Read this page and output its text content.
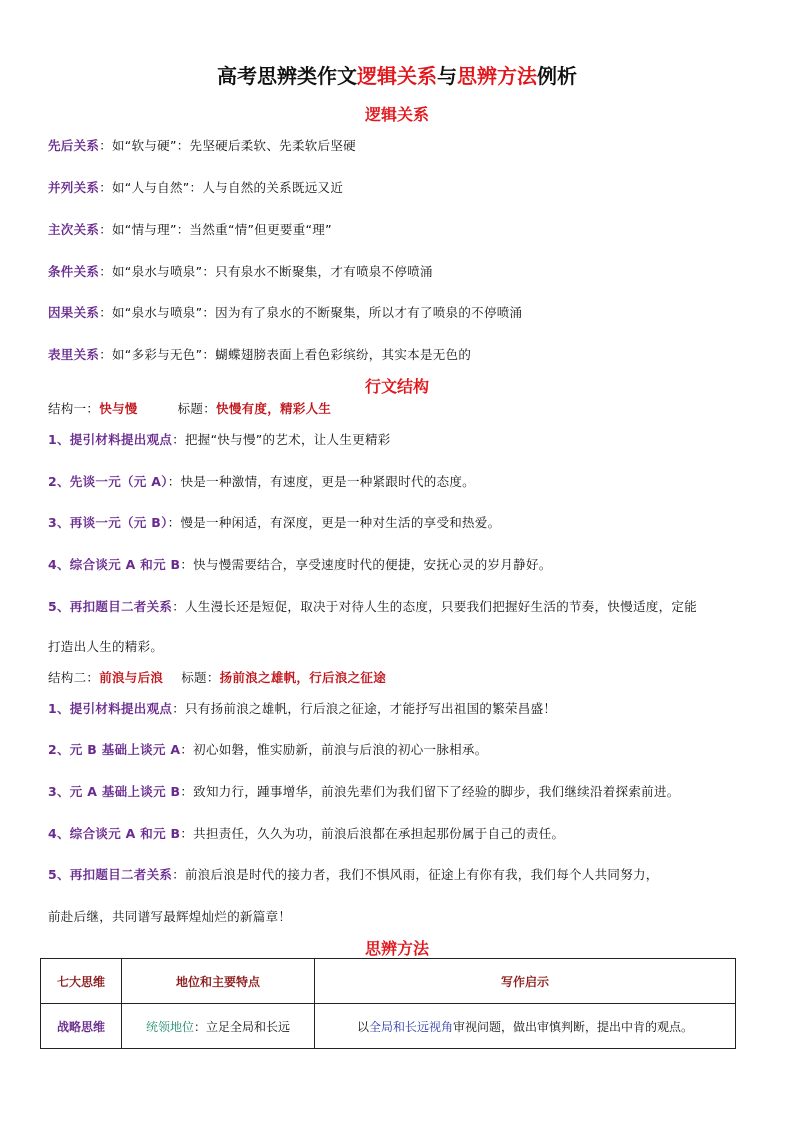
高考思辨类作文逻辑关系与思辨方法例析
逻辑关系
先后关系：如“软与硬”：先坚硬后柔软、先柔软后坚硬
并列关系：如“人与自然”：人与自然的关系既远又近
主次关系：如“情与理”：当然重“情”但更要重“理”
条件关系：如“泉水与喷泉”：只有泉水不断聚集，才有喷泉不停喷涌
因果关系：如“泉水与喷泉”：因为有了泉水的不断聚集，所以才有了喷泉的不停喷涌
表里关系：如“多彩与无色”：蝴蝶翅膀表面上看色彩缤纷，其实本是无色的
行文结构
结构一：快与慢	标题：快慢有度，精彩人生
1、提引材料提出观点：把握“快与慢”的艺术，让人生更精彩
2、先谈一元（元 A）：快是一种激情，有速度，更是一种紧跟时代的态度。
3、再谈一元（元 B）：慢是一种闲适，有深度，更是一种对生活的享受和热爱。
4、综合谈元 A 和元 B：快与慢需要结合，享受速度时代的便捷，安抚心灵的岁月静好。
5、再扣题目二者关系：人生漫长还是短促，取决于对待人生的态度，只要我们把握好生活的节奏，快慢适度，定能
打造出人生的精彩。
结构二：前浪与后浪 标题：扬前浪之雄帆，行后浪之征途
1、提引材料提出观点：只有扬前浪之雄帆，行后浪之征途，才能抒写出祖国的繁荣昌盛！
2、元 B 基础上谈元 A：初心如磐，惟实励新，前浪与后浪的初心一脉相承。
3、元 A 基础上谈元 B：致知力行，踵事增华，前浪先辈们为我们留下了经验的脚步，我们继续沿着探索前进。
4、综合谈元 A 和元 B：共担责任，久久为功，前浪后浪都在承担起那份属于自己的责任。
5、再扣题目二者关系：前浪后浪是时代的接力者，我们不惧风雨，征途上有你有我，我们每个人共同努力，
前赴后继，共同谱写最辉煌灿烂的新篇章！
思辨方法
七大思维	地位和主要特点	写作启示
战略思维	统领地位：立足全局和长远	以全局和长远视角审视问题，做出审慎判断，提出中肯的观点。
